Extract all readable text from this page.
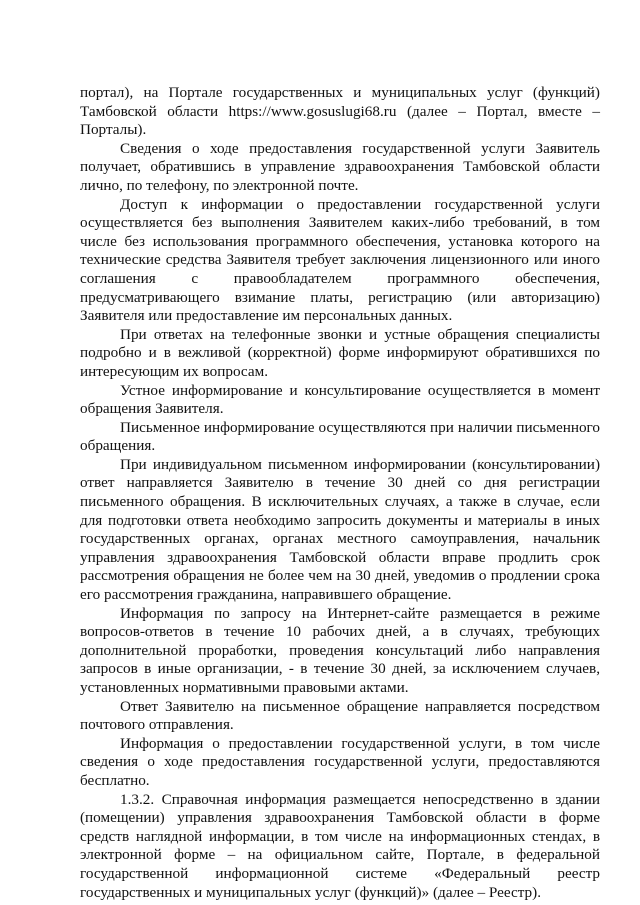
портал), на Портале государственных и муниципальных услуг (функций) Тамбовской области https://www.gosuslugi68.ru (далее – Портал, вместе – Порталы).

Сведения о ходе предоставления государственной услуги Заявитель получает, обратившись в управление здравоохранения Тамбовской области лично, по телефону, по электронной почте.

Доступ к информации о предоставлении государственной услуги осуществляется без выполнения Заявителем каких-либо требований, в том числе без использования программного обеспечения, установка которого на технические средства Заявителя требует заключения лицензионного или иного соглашения с правообладателем программного обеспечения, предусматривающего взимание платы, регистрацию (или авторизацию) Заявителя или предоставление им персональных данных.

При ответах на телефонные звонки и устные обращения специалисты подробно и в вежливой (корректной) форме информируют обратившихся по интересующим их вопросам.

Устное информирование и консультирование осуществляется в момент обращения Заявителя.

Письменное информирование осуществляются при наличии письменного обращения.

При индивидуальном письменном информировании (консультировании) ответ направляется Заявителю в течение 30 дней со дня регистрации письменного обращения. В исключительных случаях, а также в случае, если для подготовки ответа необходимо запросить документы и материалы в иных государственных органах, органах местного самоуправления, начальник управления здравоохранения Тамбовской области вправе продлить срок рассмотрения обращения не более чем на 30 дней, уведомив о продлении срока его рассмотрения гражданина, направившего обращение.

Информация по запросу на Интернет-сайте размещается в режиме вопросов-ответов в течение 10 рабочих дней, а в случаях, требующих дополнительной проработки, проведения консультаций либо направления запросов в иные организации, - в течение 30 дней, за исключением случаев, установленных нормативными правовыми актами.

Ответ Заявителю на письменное обращение направляется посредством почтового отправления.

Информация о предоставлении государственной услуги, в том числе сведения о ходе предоставления государственной услуги, предоставляются бесплатно.

1.3.2. Справочная информация размещается непосредственно в здании (помещении) управления здравоохранения Тамбовской области в форме средств наглядной информации, в том числе на информационных стендах, в электронной форме – на официальном сайте, Портале, в федеральной государственной информационной системе «Федеральный реестр государственных и муниципальных услуг (функций)» (далее – Реестр).
